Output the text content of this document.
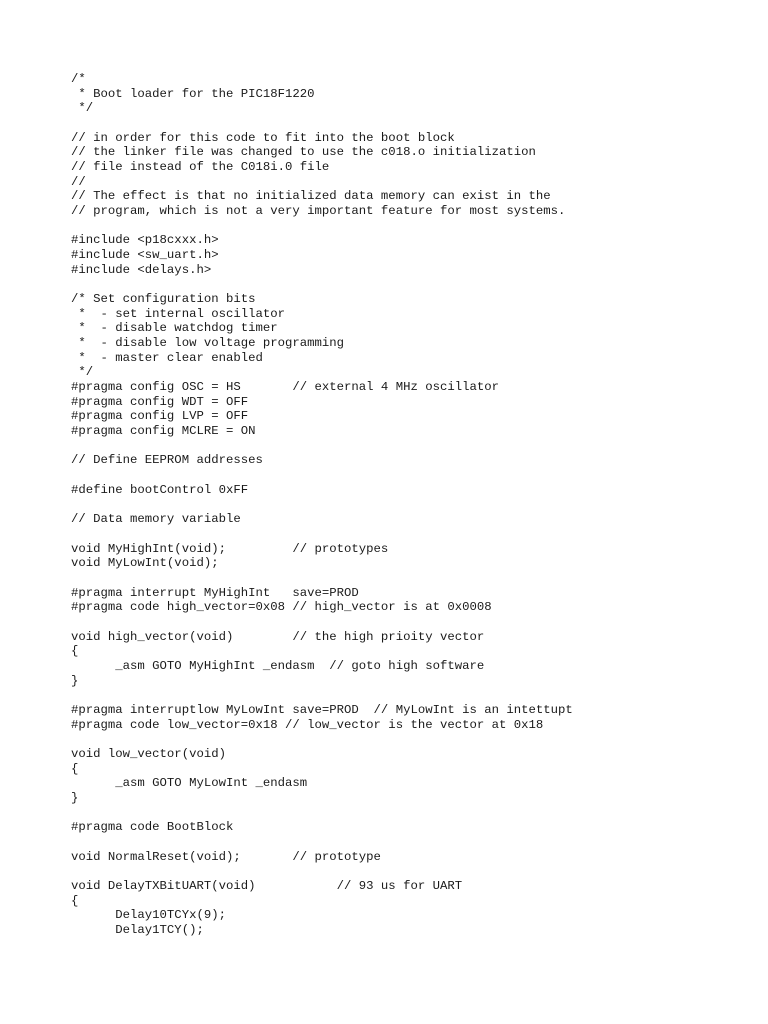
/*
* Boot loader for the PIC18F1220
*/
// in order for this code to fit into the boot block
// the linker file was changed to use the c018.o initialization
// file instead of the C018i.0 file
//
// The effect is that no initialized data memory can exist in the
// program, which is not a very important feature for most systems.
#include <p18cxxx.h>
#include <sw_uart.h>
#include <delays.h>
/* Set configuration bits
*  - set internal oscillator
*  - disable watchdog timer
*  - disable low voltage programming
*  - master clear enabled
*/
#pragma config OSC = HS       // external 4 MHz oscillator
#pragma config WDT = OFF
#pragma config LVP = OFF
#pragma config MCLRE = ON
// Define EEPROM addresses
#define bootControl 0xFF
// Data memory variable
void MyHighInt(void);         // prototypes
void MyLowInt(void);
#pragma interrupt MyHighInt   save=PROD
#pragma code high_vector=0x08 // high_vector is at 0x0008
void high_vector(void)        // the high prioity vector
{
_asm GOTO MyHighInt _endasm  // goto high software
}
#pragma interruptlow MyLowInt save=PROD  // MyLowInt is an intettupt
#pragma code low_vector=0x18 // low_vector is the vector at 0x18
void low_vector(void)
{
_asm GOTO MyLowInt _endasm
}
#pragma code BootBlock
void NormalReset(void);       // prototype
void DelayTXBitUART(void)           // 93 us for UART
{
Delay10TCYx(9);
Delay1TCY();
